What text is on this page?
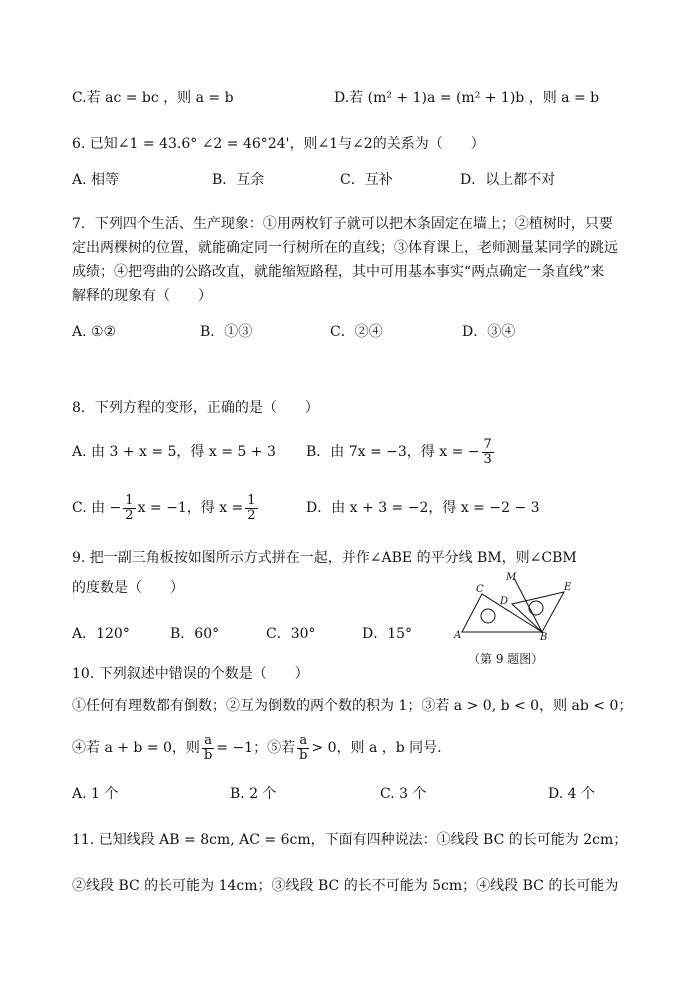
C.若 ac = bc ，则 a = b	D.若 (m² + 1)a = (m² + 1)b ，则 a = b
6. 已知∠1 = 43.6° ∠2 = 46°24'，则∠1与∠2的关系为（　　）
A. 相等	B．互余	C．互补	D．以上都不对
7．下列四个生活、生产现象：①用两枚钉子就可以把木条固定在墙上；②植树时，只要
定出两棵树的位置，就能确定同一行树所在的直线；③体育课上，老师测量某同学的跳远
成绩；④把弯曲的公路改直，就能缩短路程，其中可用基本事实“两点确定一条直线”来
解释的现象有（　　）
A. ①②	B．①③	C．②④	D．③④
8．下列方程的变形，正确的是（　　）
A. 由 3 + x = 5，得 x = 5 + 3 B．由 7x = −3，得 x = − $\frac{7}{3}$
C. 由 − $\frac{1}{2}$ x = −1，得 $x = \frac{1}{2}$	D．由 x + 3 = −2，得 x = −2 − 3
9. 把一副三角板按如图所示方式拼在一起，并作∠ABE 的平分线 BM，则∠CBM
的度数是（　　）
A．120°	B．60°	C．30°	D．15°	A	B
C
D
E
M
（第 9 题图）
10. 下列叙述中错误的个数是（　　）
①任何有理数都有倒数；②互为倒数的两个数的积为 1；③若 a > 0, b < 0，则 ab < 0；
④若 a + b = 0，则 $\frac{a}{b} = -1$；⑤若 $\frac{a}{b} > 0$，则 a ，b 同号.
A. 1 个	B. 2 个	C. 3 个	D. 4 个
11. 已知线段 AB = 8cm, AC = 6cm，下面有四种说法：①线段 BC 的长可能为 2cm；
②线段 BC 的长可能为 14cm；③线段 BC 的长不可能为 5cm；④线段 BC 的长可能为
